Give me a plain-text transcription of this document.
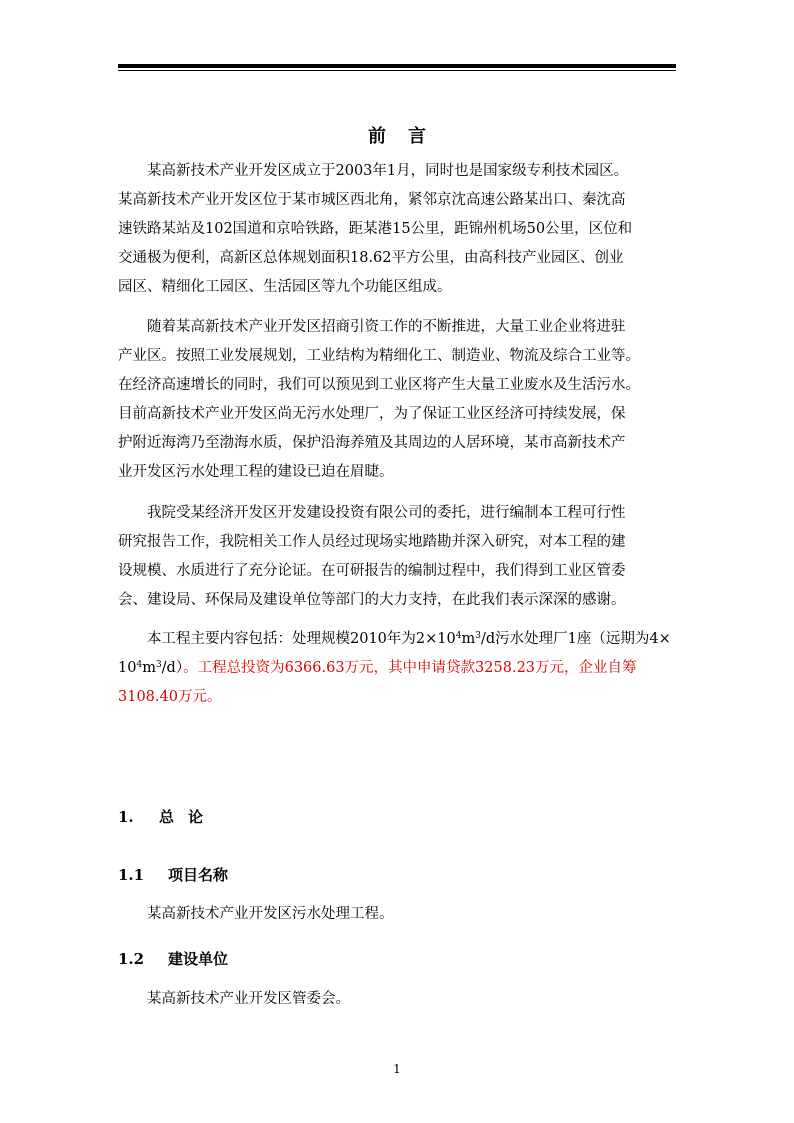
前言
某高新技术产业开发区成立于2003年1月，同时也是国家级专利技术园区。
某高新技术产业开发区位于某市城区西北角，紧邻京沈高速公路某出口、秦沈高
速铁路某站及102国道和京哈铁路，距某港15公里，距锦州机场50公里，区位和
交通极为便利，高新区总体规划面积18.62平方公里，由高科技产业园区、创业
园区、精细化工园区、生活园区等九个功能区组成。
随着某高新技术产业开发区招商引资工作的不断推进，大量工业企业将进驻
产业区。按照工业发展规划，工业结构为精细化工、制造业、物流及综合工业等。
在经济高速增长的同时，我们可以预见到工业区将产生大量工业废水及生活污水。
目前高新技术产业开发区尚无污水处理厂，为了保证工业区经济可持续发展，保
护附近海湾乃至渤海水质，保护沿海养殖及其周边的人居环境，某市高新技术产
业开发区污水处理工程的建设已迫在眉睫。
我院受某经济开发区开发建设投资有限公司的委托，进行编制本工程可行性
研究报告工作，我院相关工作人员经过现场实地踏勘并深入研究，对本工程的建
设规模、水质进行了充分论证。在可研报告的编制过程中，我们得到工业区管委
会、建设局、环保局及建设单位等部门的大力支持，在此我们表示深深的感谢。
本工程主要内容包括：处理规模2010年为$2\times 10^4m^3/d$污水处理厂1座（远期为4×
$10^4m^3/d$）。工程总投资为6366.63万元，其中申请贷款3258.23万元，企业自筹
3108.40万元。
1. 总论
1.1 项目名称
某高新技术产业开发区污水处理工程。
1.2 建设单位
某高新技术产业开发区管委会。
1
